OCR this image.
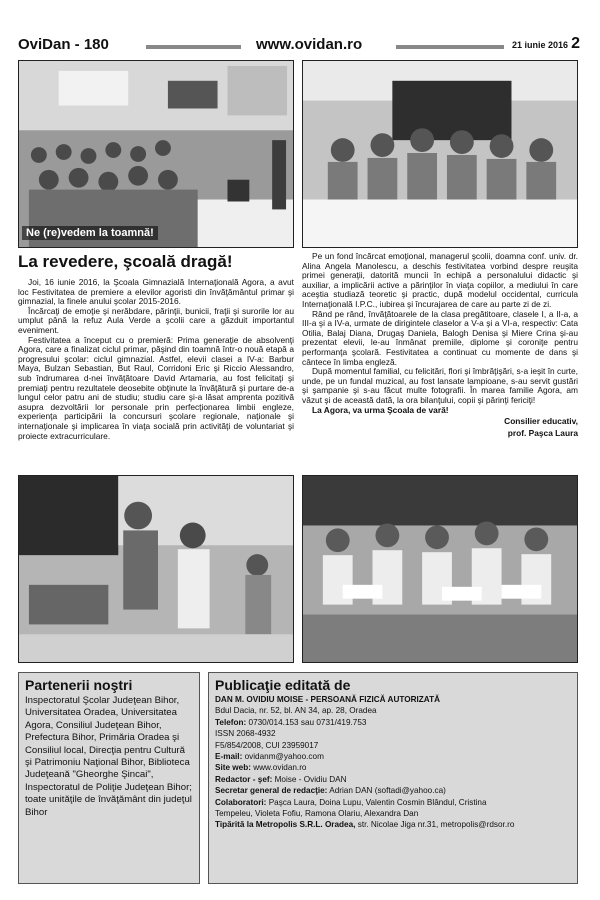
OviDan - 180	www.ovidan.ro	21 iunie 2016 2
Ne (re)vedem la toamnă!
La revedere, şcoală dragă!

Joi, 16 iunie 2016, la Şcoala Gimnazială Internaţională Agora, a avut loc Festivitatea de premiere a elevilor agoristi din învăţământul primar şi gimnazial, la finele anului şcolar 2015-2016.

Încărcaţi de emoţie şi nerăbdare, părinţii, bunicii, fraţii şi surorile lor au umplut până la refuz Aula Verde a şcolii care a găzduit importantul eveniment.

Festivitatea a început cu o premieră: Prima generaţie de absolvenţi Agora, care a finalizat ciclul primar, păşind din toamnă într-o nouă etapă a progresului şcolar: ciclul gimnazial. Astfel, elevii clasei a IV-a: Barbur Maya, Bulzan Sebastian, But Raul, Corridoni Eric şi Riccio Alessandro, sub îndrumarea d-nei învăţătoare David Artamaria, au fost felicitaţi şi premiaţi pentru rezultatele deosebite obţinute la învăţătură şi purtare de-a lungul celor patru ani de studiu; studiu care şi-a lăsat amprenta pozitivă asupra dezvoltării lor personale prin perfecţionarea limbii engleze, experienţa participării la concursuri şcolare regionale, naţionale şi internaţionale şi implicarea în viaţa socială prin activităţi de voluntariat şi proiecte extracurriculare.

Pe un fond încărcat emoţional, managerul şcolii, doamna conf. univ. dr. Alina Angela Manolescu, a deschis festivitatea vorbind despre reuşita primei generaţii, datorită muncii în echipă a personalului didactic şi auxiliar, a implicării active a părinţilor în viaţa copiilor, a mediului în care aceştia studiază teoretic şi practic, după modelul occidental, curricula Internaţională I.P.C., iubirea şi încurajarea de care au parte zi de zi.

Rând pe rând, învăţătoarele de la clasa pregătitoare, clasele I, a II-a, a III-a şi a IV-a, urmate de dirigintele claselor a V-a şi a VI-a, respectiv: Cata Otilia, Balaj Diana, Drugaş Daniela, Balogh Denisa şi Miere Crina şi-au prezentat elevii, le-au înmânat premiile, diplome şi coroniţe pentru performanţa şcolară. Festivitatea a continuat cu momente de dans şi cântece în limba engleză.

După momentul familial, cu felicitări, flori şi îmbrăţişări, s-a ieşit în curte, unde, pe un fundal muzical, au fost lansate lampioane, s-au servit gustări şi şampanie şi s-au făcut multe fotografii. În marea familie Agora, am văzut şi de această dată, la ora bilanţului, copii şi părinţi fericiţi!

La Agora, va urma Şcoala de vară!

Consilier educativ,

prof. Paşca Laura

Partenerii noştri
Inspectoratul Şcolar Judeţean Bihor, Universitatea Oradea, Universitatea Agora, Consiliul Judeţean Bihor, Prefectura Bihor, Primăria Oradea şi Consiliul local, Direcţia pentru Cultură şi Patrimoniu Naţional Bihor, Biblioteca Judeţeană "Gheorghe Şincai", Inspectoratul de Poliţie Judeţean Bihor; toate unităţile de învăţământ din judeţul Bihor
Publicaţie editată de
DAN M. OVIDIU MOISE - PERSOANĂ FIZICĂ AUTORIZATĂ
Bdul Dacia, nr. 52, bl. AN 34, ap. 28, Oradea
Telefon: 0730/014.153 sau 0731/419.753
ISSN 2068-4932
F5/854/2008, CUI 23959017
E-mail: ovidanm@yahoo.com
Site web: www.ovidan.ro
Redactor - şef: Moise - Ovidiu DAN
Secretar general de redacţie: Adrian DAN (softadi@yahoo.ca)
Colaboratori: Paşca Laura, Doina Lupu, Valentin Cosmin Blândul, Cristina
Tempeleu, Violeta Fofiu, Ramona Olariu, Alexandra Dan
Tipărită la Metropolis S.R.L. Oradea, str. Nicolae Jiga nr.31, metropolis@rdsor.ro
